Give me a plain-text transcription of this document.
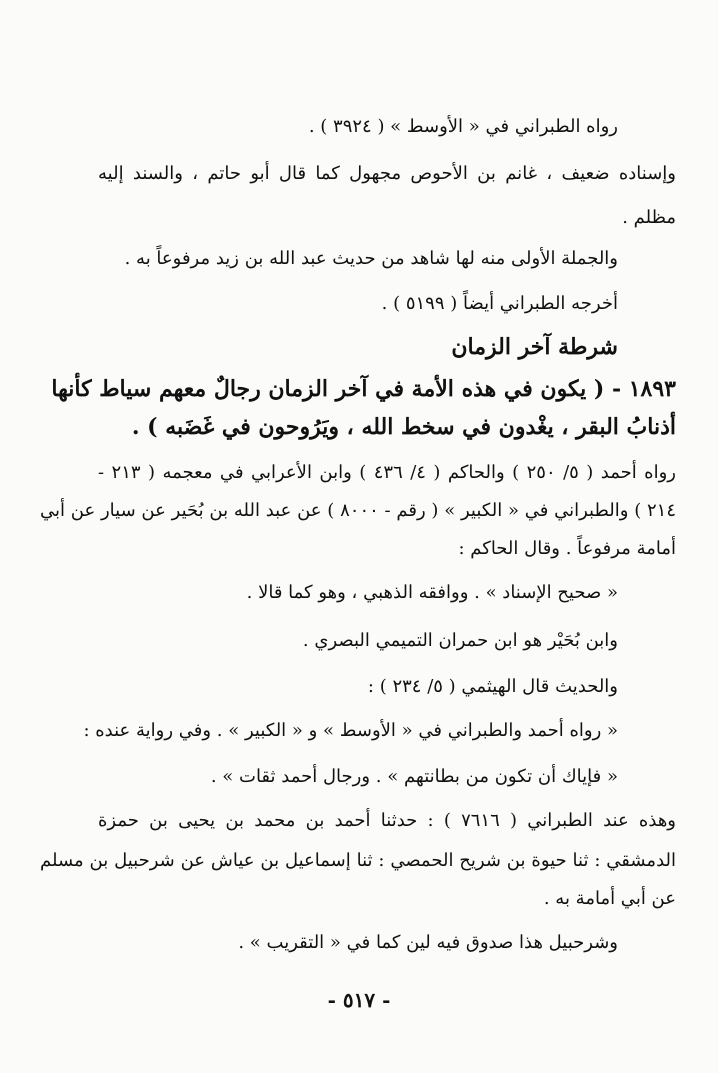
رواه الطبراني في « الأوسط » ( ٣٩٢٤ ) .
وإسناده ضعيف ، غانم بن الأحوص مجهول كما قال أبو حاتم ، والسند إليه
مظلم .
والجملة الأولى منه لها شاهد من حديث عبد الله بن زيد مرفوعاً به .
أخرجه الطبراني أيضاً ( ٥١٩٩ ) .
شرطة آخر الزمان
١٨٩٣ - ( يكون في هذه الأمة في آخر الزمان رجالٌ معهم سياط كأنها
أذنابُ البقر ، يغْدون في سخط الله ، ويَرُوحون في غَضَبه ) .
رواه أحمد ( ٥/ ٢٥٠ ) والحاكم ( ٤/ ٤٣٦ ) وابن الأعرابي في معجمه ( ٢١٣ -
٢١٤ ) والطبراني في « الكبير » ( رقم - ٨٠٠٠ ) عن عبد الله بن بُحَير عن سيار عن أبي
أمامة مرفوعاً . وقال الحاكم :
« صحيح الإسناد » . ووافقه الذهبي ، وهو كما قالا .
وابن بُحَيْر هو ابن حمران التميمي البصري .
والحديث قال الهيثمي ( ٥/ ٢٣٤ ) :
« رواه أحمد والطبراني في « الأوسط » و « الكبير » . وفي رواية عنده :
« فإياك أن تكون من بطانتهم » . ورجال أحمد ثقات » .
وهذه عند الطبراني ( ٧٦١٦ ) : حدثنا أحمد بن محمد بن يحيى بن حمزة
الدمشقي : ثنا حيوة بن شريح الحمصي : ثنا إسماعيل بن عياش عن شرحبيل بن مسلم
عن أبي أمامة به .
وشرحبيل هذا صدوق فيه لين كما في « التقريب » .
- ٥١٧ -
